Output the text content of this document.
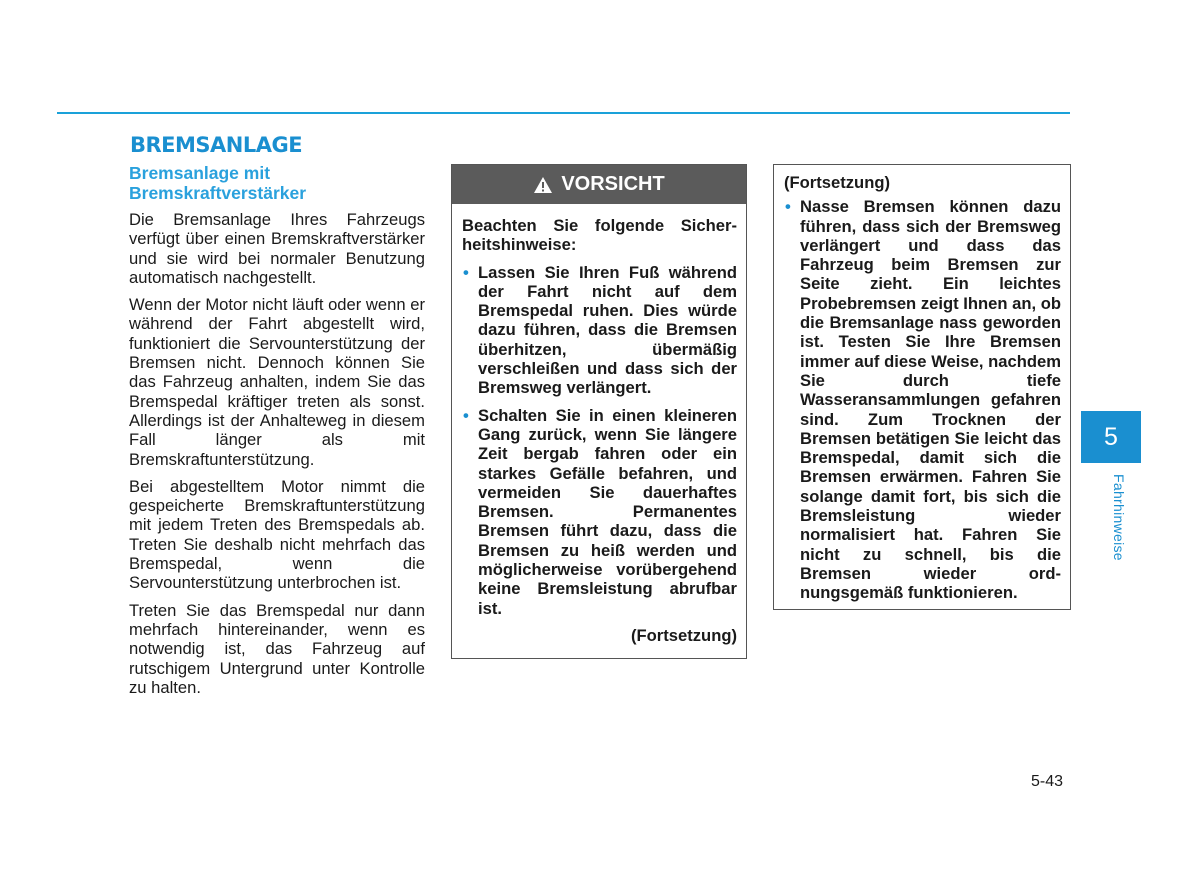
BREMSANLAGE
Bremsanlage mit Bremskraftverstärker

Die Bremsanlage Ihres Fahrzeugs verfügt über einen Bremskraftverstärker und sie wird bei normaler Benutzung automatisch nachgestellt.

Wenn der Motor nicht läuft oder wenn er während der Fahrt abgestellt wird, funktioniert die Servounterstützung der Bremsen nicht. Dennoch können Sie das Fahrzeug anhalten, indem Sie das Bremspedal kräftiger treten als sonst. Allerdings ist der Anhalteweg in diesem Fall länger als mit Bremskraftunterstützung.

Bei abgestelltem Motor nimmt die gespeicherte Bremskraftunterstützung mit jedem Treten des Bremspedals ab. Treten Sie deshalb nicht mehrfach das Bremspedal, wenn die Servounterstützung unterbrochen ist.

Treten Sie das Bremspedal nur dann mehrfach hintereinander, wenn es notwendig ist, das Fahrzeug auf rutschigem Untergrund unter Kontrolle zu halten.

VORSICHT

Beachten Sie folgende Sicherheitshinweise:

• Lassen Sie Ihren Fuß während der Fahrt nicht auf dem Bremspedal ruhen. Dies würde dazu führen, dass die Bremsen überhitzen, übermäßig verschleißen und dass sich der Bremsweg verlängert.
• Schalten Sie in einen kleineren Gang zurück, wenn Sie längere Zeit bergab fahren oder ein starkes Gefälle befahren, und vermeiden Sie dauerhaftes Bremsen. Permanentes Bremsen führt dazu, dass die Bremsen zu heiß werden und möglicherweise vorübergehend keine Bremsleistung abrufbar ist.
(Fortsetzung)

(Fortsetzung)

• Nasse Bremsen können dazu führen, dass sich der Bremsweg verlängert und dass das Fahrzeug beim Bremsen zur Seite zieht. Ein leichtes Probebremsen zeigt Ihnen an, ob die Bremsanlage nass geworden ist. Testen Sie Ihre Bremsen immer auf diese Weise, nachdem Sie durch tiefe Wasseransammlungen gefahren sind. Zum Trocknen der Bremsen betätigen Sie leicht das Bremspedal, damit sich die Bremsen erwärmen. Fahren Sie solange damit fort, bis sich die Bremsleistung wieder normalisiert hat. Fahren Sie nicht zu schnell, bis die Bremsen wieder ordnungsgemäß funktionieren.
5
Fahrhinweise
5-43
